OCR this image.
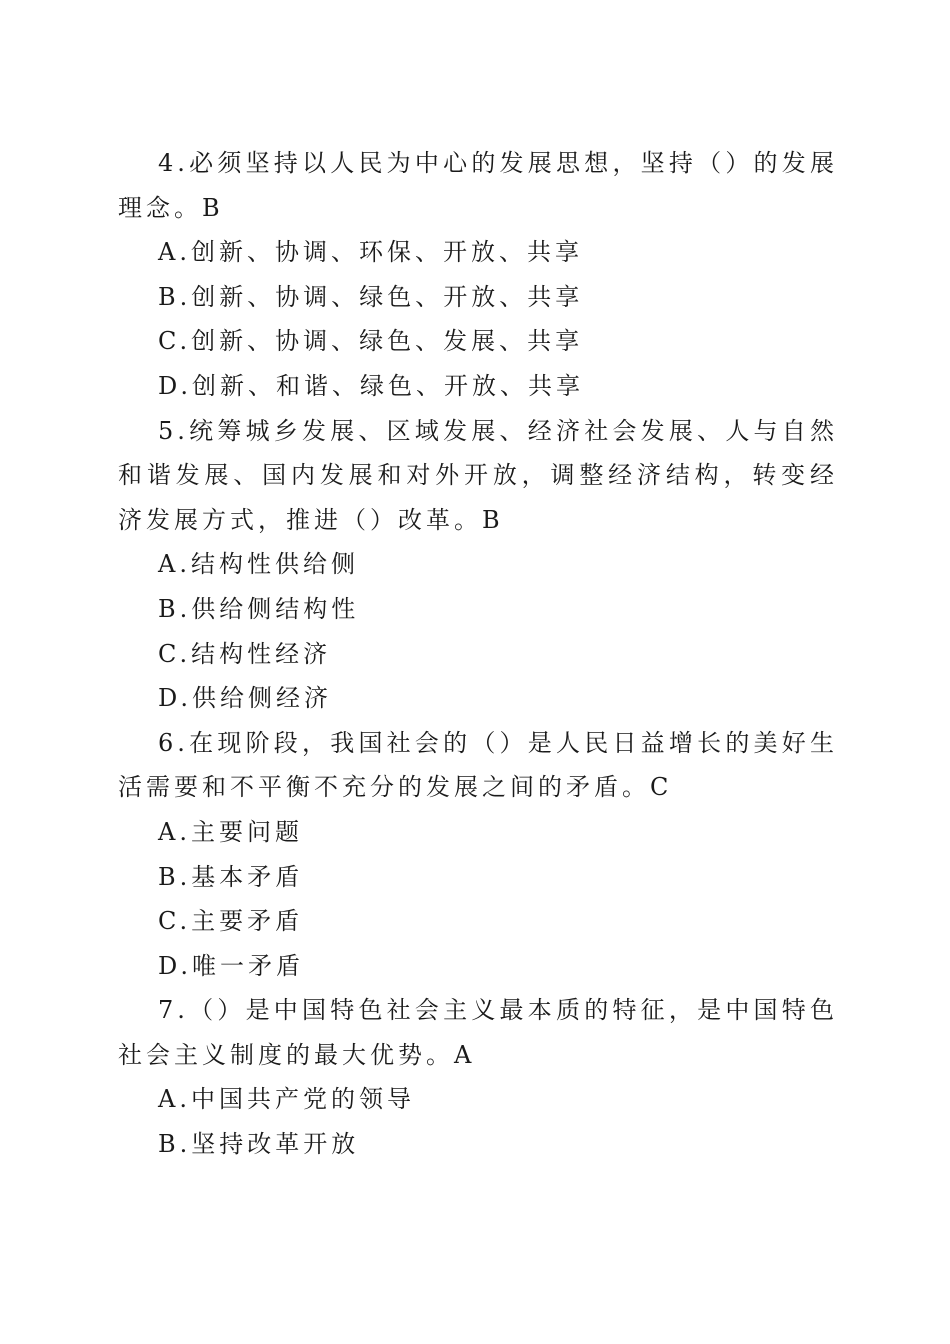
4.必须坚持以人民为中心的发展思想，坚持（）的发展理念。B

A.创新、协调、环保、开放、共享
B.创新、协调、绿色、开放、共享
C.创新、协调、绿色、发展、共享
D.创新、和谐、绿色、开放、共享

5.统筹城乡发展、区域发展、经济社会发展、人与自然和谐发展、国内发展和对外开放，调整经济结构，转变经济发展方式，推进（）改革。B

A.结构性供给侧
B.供给侧结构性
C.结构性经济
D.供给侧经济

6.在现阶段，我国社会的（）是人民日益增长的美好生活需要和不平衡不充分的发展之间的矛盾。C

A.主要问题
B.基本矛盾
C.主要矛盾
D.唯一矛盾

7.（）是中国特色社会主义最本质的特征，是中国特色社会主义制度的最大优势。A

A.中国共产党的领导
B.坚持改革开放
